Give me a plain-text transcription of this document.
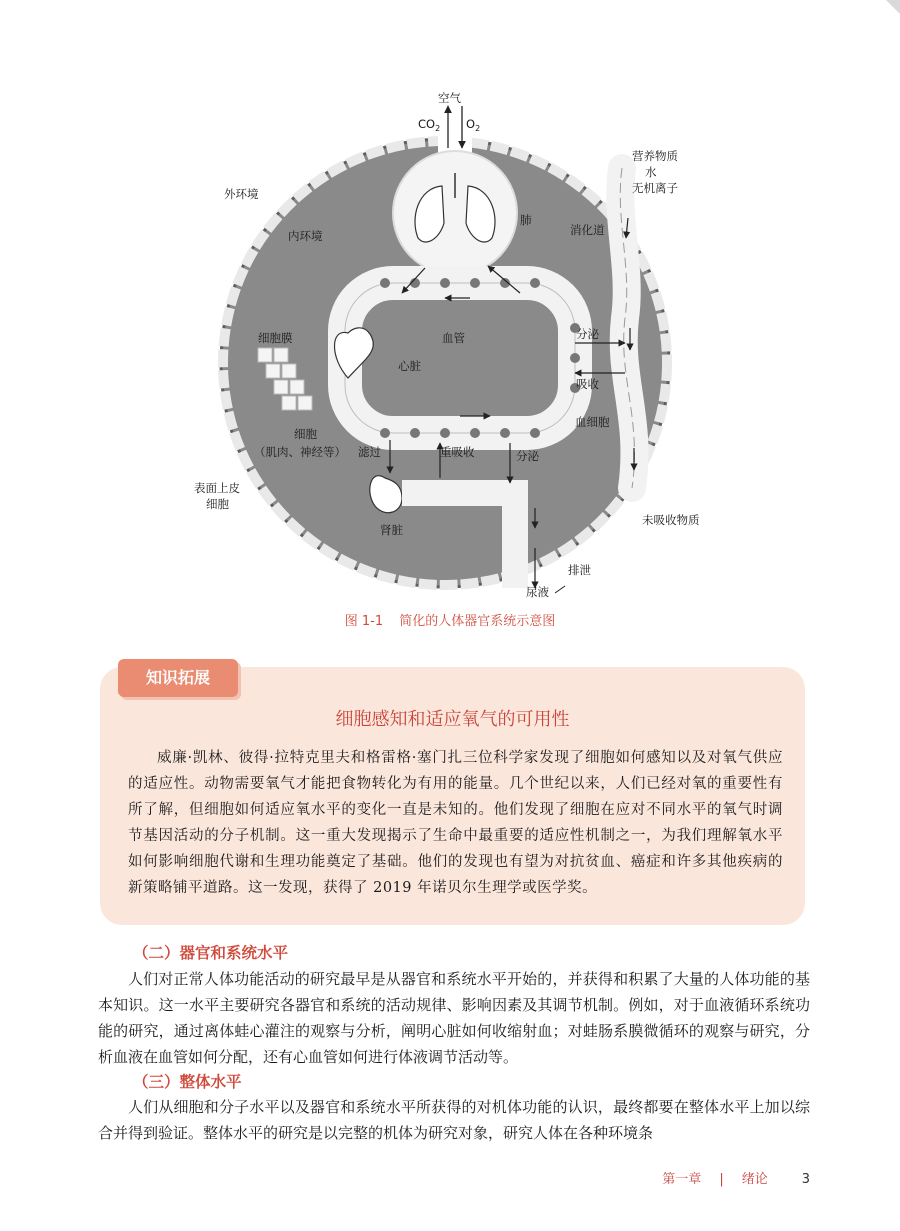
空气
$CO_2$ $O_2$
营养物质
水
无机离子
外环境
内环境
肺
消化道
血管	分泌
吸收
心脏
细胞膜
细胞
（肌肉、神经等）
血细胞
滤过	重吸收	分泌
表面上皮
细胞
肾脏
未吸收物质
排泄
尿液
图 1-1 简化的人体器官系统示意图
知识拓展
细胞感知和适应氧气的可用性
威廉·凯林、彼得·拉特克里夫和格雷格·塞门扎三位科学家发现了细胞如何感知以及对氧气供应的适应性。动物需要氧气才能把食物转化为有用的能量。几个世纪以来，人们已经对氧的重要性有所了解，但细胞如何适应氧水平的变化一直是未知的。他们发现了细胞在应对不同水平的氧气时调节基因活动的分子机制。这一重大发现揭示了生命中最重要的适应性机制之一，为我们理解氧水平如何影响细胞代谢和生理功能奠定了基础。他们的发现也有望为对抗贫血、癌症和许多其他疾病的新策略铺平道路。这一发现，获得了 2019 年诺贝尔生理学或医学奖。
（二）器官和系统水平
人们对正常人体功能活动的研究最早是从器官和系统水平开始的，并获得和积累了大量的人体功能的基本知识。这一水平主要研究各器官和系统的活动规律、影响因素及其调节机制。例如，对于血液循环系统功能的研究，通过离体蛙心灌注的观察与分析，阐明心脏如何收缩射血；对蛙肠系膜微循环的观察与研究，分析血液在血管如何分配，还有心血管如何进行体液调节活动等。
（三）整体水平
人们从细胞和分子水平以及器官和系统水平所获得的对机体功能的认识，最终都要在整体水平上加以综合并得到验证。整体水平的研究是以完整的机体为研究对象，研究人体在各种环境条
第一章 | 绪论	3
